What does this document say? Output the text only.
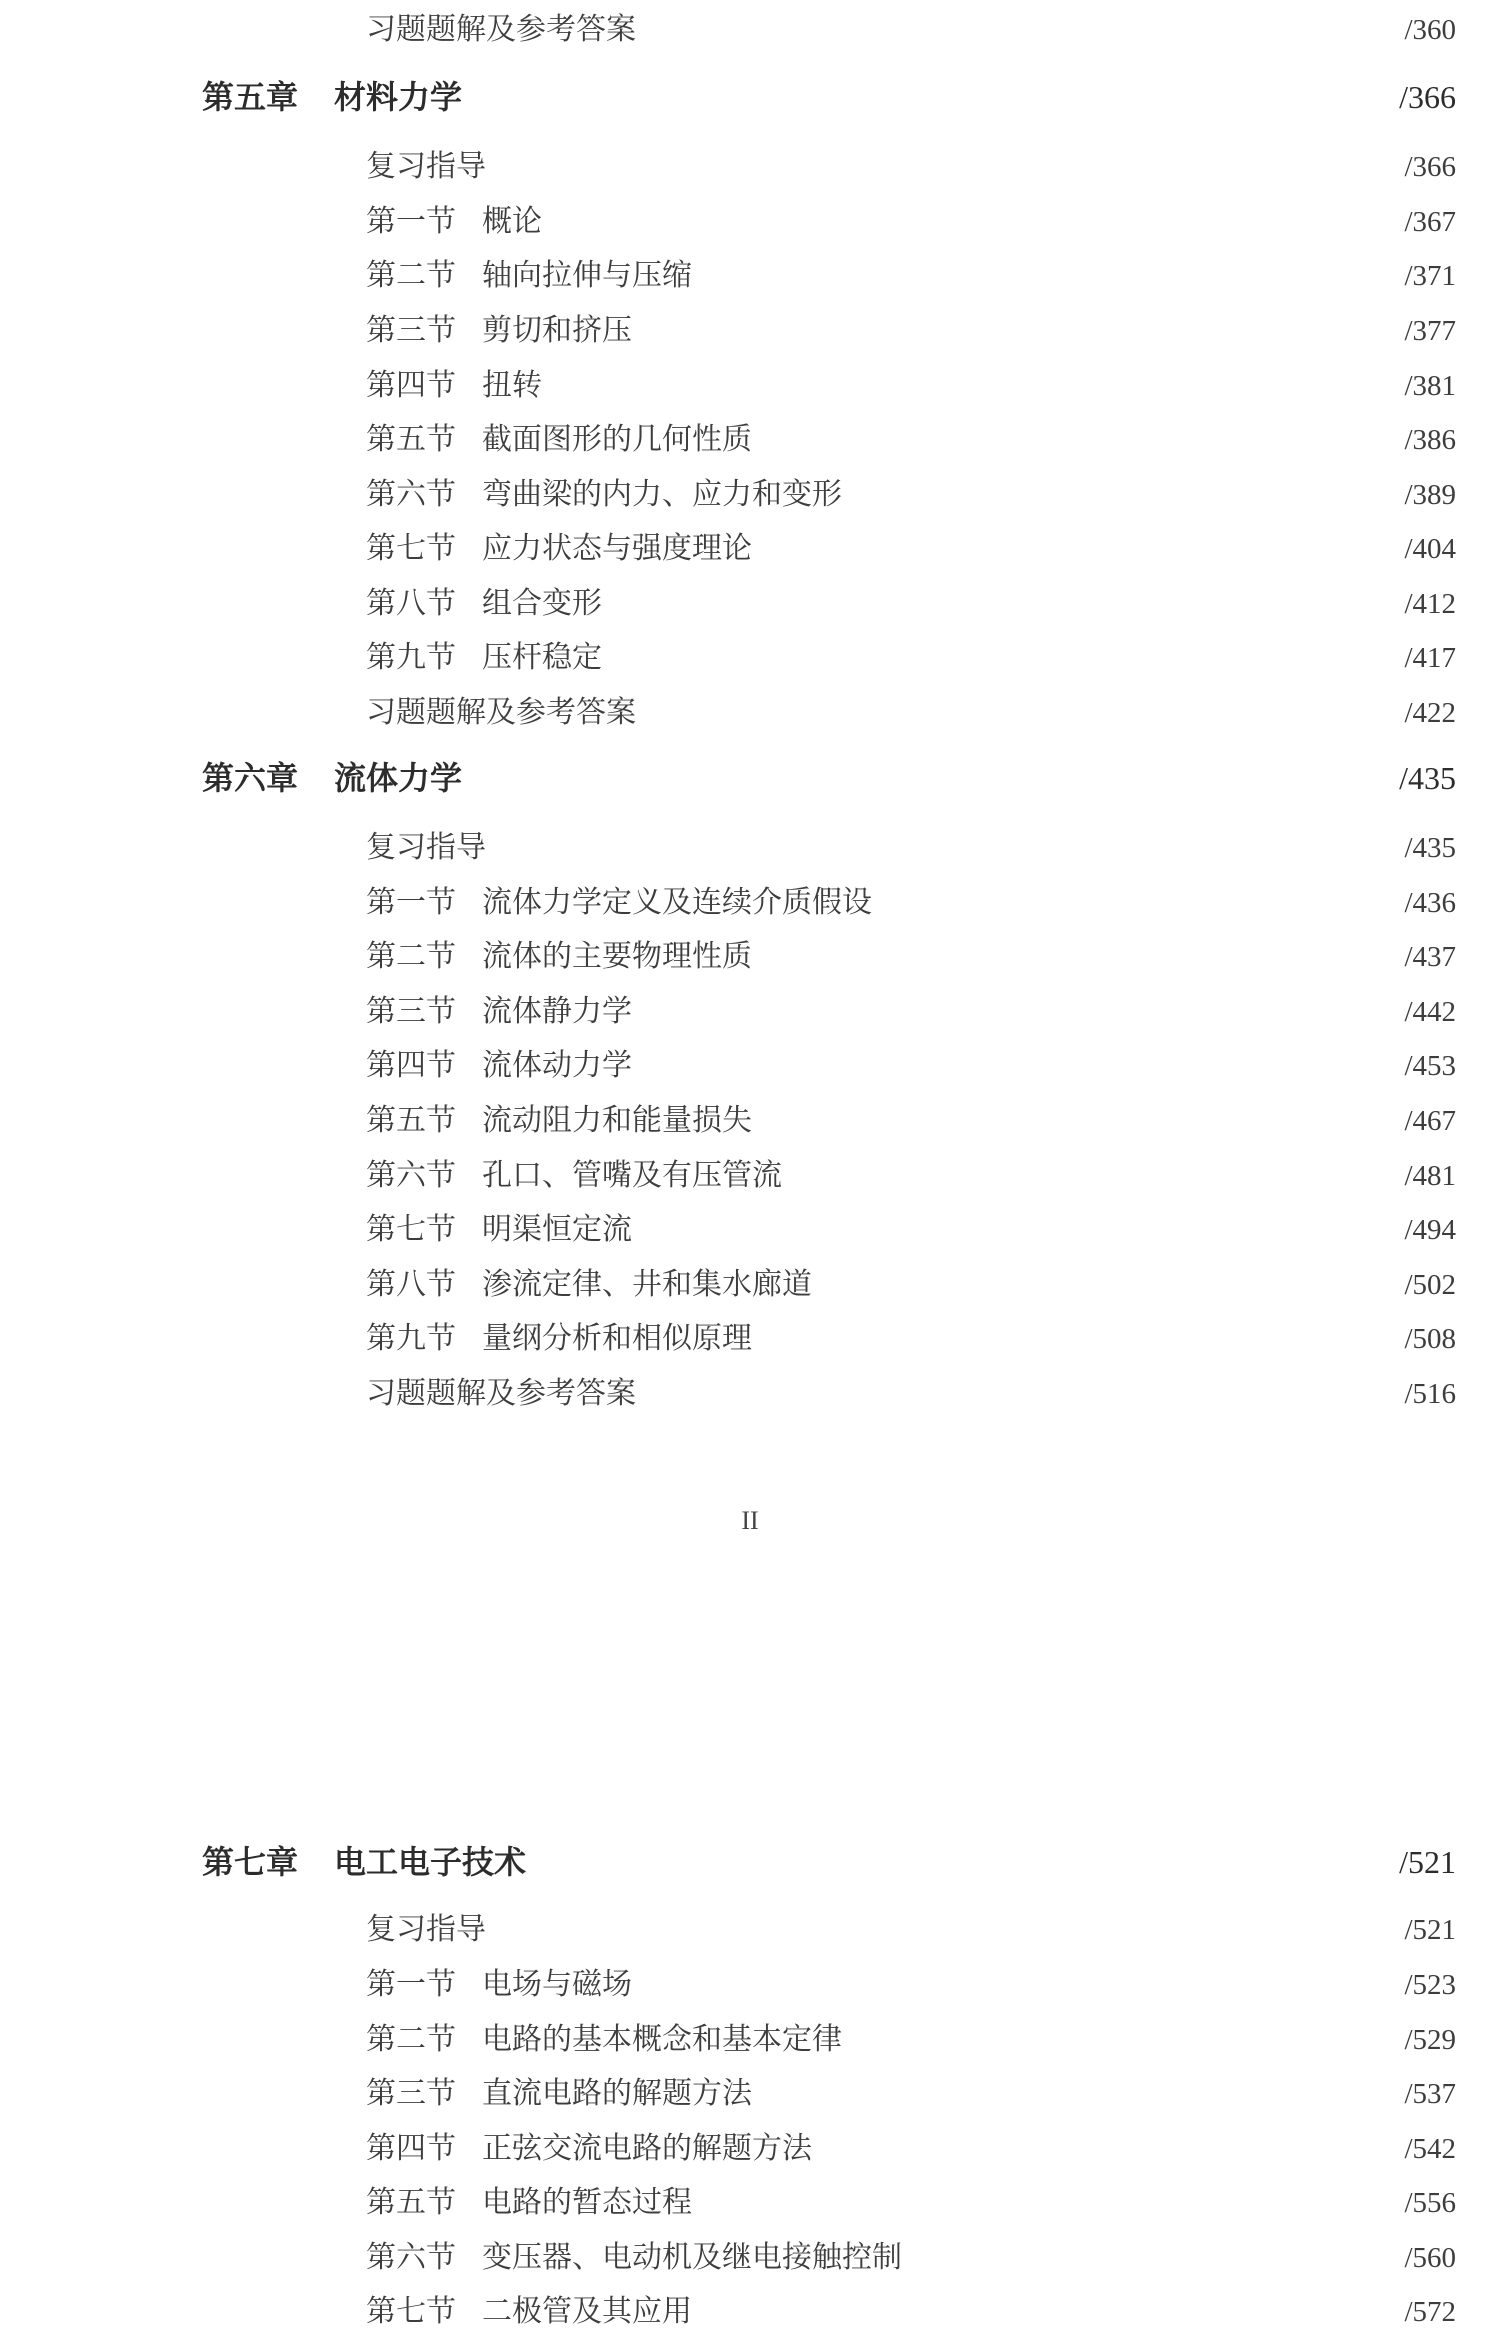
习题题解及参考答案	/360
第五章 材料力学	/366
复习指导	/366
第一节 概论	/367
第二节 轴向拉伸与压缩	/371
第三节 剪切和挤压	/377
第四节 扭转	/381
第五节 截面图形的几何性质	/386
第六节 弯曲梁的内力、应力和变形	/389
第七节 应力状态与强度理论	/404
第八节 组合变形	/412
第九节 压杆稳定	/417
习题题解及参考答案	/422
第六章 流体力学	/435
复习指导	/435
第一节 流体力学定义及连续介质假设	/436
第二节 流体的主要物理性质	/437
第三节 流体静力学	/442
第四节 流体动力学	/453
第五节 流动阻力和能量损失	/467
第六节 孔口、管嘴及有压管流	/481
第七节 明渠恒定流	/494
第八节 渗流定律、井和集水廊道	/502
第九节 量纲分析和相似原理	/508
习题题解及参考答案	/516
II
第七章 电工电子技术	/521
复习指导	/521
第一节 电场与磁场	/523
第二节 电路的基本概念和基本定律	/529
第三节 直流电路的解题方法	/537
第四节 正弦交流电路的解题方法	/542
第五节 电路的暂态过程	/556
第六节 变压器、电动机及继电接触控制	/560
第七节 二极管及其应用	/572
